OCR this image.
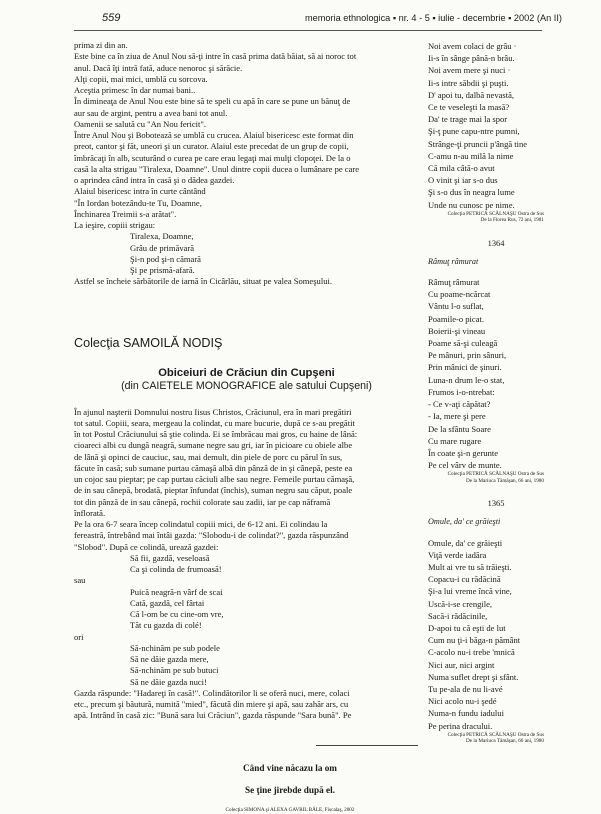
559	memoria ethnologica ▪ nr. 4 - 5 ▪ iulie - decembrie ▪ 2002 (An II)

prima zi din an.

Este bine ca în ziua de Anul Nou să-ţi intre în casă prima dată băiat, să ai noroc tot

anul. Dacă îţi intră fată, aduce nenoroc şi sărăcie.

Alţi copii, mai mici, umblă cu sorcova.

Aceştia primesc în dar numai bani..

În dimineaţa de Anul Nou este bine să te speli cu apă în care se pune un bănuţ de

aur sau de argint, pentru a avea bani tot anul.

Oamenii se salută cu "An Nou fericit".

Între Anul Nou şi Bobotează se umblă cu crucea. Alaiul bisericesc este format din

preot, cantor şi făt, uneori şi un curator. Alaiul este precedat de un grup de copii,

îmbrăcaţi în alb, scuturând o curea pe care erau legaţi mai mulţi clopoţei. De la o

casă la alta strigau "Tiralexa, Doamne". Unul dintre copii ducea o lumânare pe care

o aprindea când intra în casă şi o dădea gazdei.

Alaiul bisericesc intra în curte cântând

"În Iordan botezându-te Tu, Doamne,

Închinarea Treimii s-a arătat".

La ieşire, copiii strigau:

Tiralexa, Doamne,

Grâu de primăvară

Şi-n pod şi-n cămară

Şi pe prismă-afară.

Astfel se încheie sărbătorile de iarnă în Cicârlău, situat pe valea Someşului.

Colecţia SAMOILĂ NODIŞ
Obiceiuri de Crăciun din Cupşeni
(din CAIETELE MONOGRAFICE ale satului Cupşeni)

În ajunul naşterii Domnului nostru Iisus Christos, Crăciunul, era în mari pregătiri

tot satul. Copiii, seara, mergeau la colindat, cu mare bucurie, după ce s-au pregătit

în tot Postul Crăciunului să ştie colinda. Ei se îmbrăcau mai gros, cu haine de lână:

cioareci albi cu dungă neagră, sumane negre sau gri, iar în picioare cu obiele albe

de lână şi opinci de cauciuc, sau, mai demult, din piele de porc cu părul în sus,

făcute în casă; sub sumane purtau cămaşă albă din pânză de in şi cânepă, peste ea

un cojoc sau pieptar; pe cap purtau căciuli albe sau negre. Femeile purtau cămaşă,

de in sau cânepă, brodată, pieptar înfundat (închis), suman negru sau căput, poale

tot din pânză de in sau cânepă, rochii colorate sau zadii, iar pe cap năframă

înflorată.

Pe la ora 6-7 seara încep colindatul copiii mici, de 6-12 ani. Ei colindau la

fereastră, întrebând mai întâi gazda: "Slobodu-i de colindat?", gazda răspunzând

"Slobod". După ce colindă, urează gazdei:

Să fii, gazdă, veseloasă

Ca şi colinda de frumoasă!

sau

Puică neagră-n vârf de scai

Cată, gazdă, cel fârtai

Că l-om be cu cine-om vre,

Tăt cu gazda di colé!

ori

Să-nchinăm pe sub podele

Să ne dăie gazda mere,

Să-nchinăm pe sub butuci

Să ne dăie gazda nuci!

Gazda răspunde: "Hadareţi în casă!". Colindătorilor li se oferă nuci, mere, colaci

etc., precum şi băutură, numită "mied", făcută din miere şi apă, sau zahăr ars, cu

apă. Intrând în casă zic: "Bună sara lui Crăciun", gazda răspunde "Sara bună". Pe

Noi avem colaci de grâu ·

Ii-s în sânge până-n brâu.

Noi avem mere şi nuci ·

Ii-s intre săbdii şi puşti.

D' apoi tu, dalbă nevastă,

Ce te veseleşti la masă?

Da' te trage mai la spor

Şi-ţ pune capu-ntre pumni,

Strânge-ţi pruncii p'ângă tine

C-amu n-au milă la nime

Că mila câtă-o avut

O vinit şi iar s-o dus

Şi s-o dus în neagra lume

Unde nu cunosc pe nime.

Colecţia PETRICĂ SCĂLNAŞU Ostra de Sus

De la Florea Rus, 72 ani, 1981

1364
Râmuţ râmurat

Râmuţ râmurat

Cu poame-ncărcat

Vântu l-o suflat,

Poamile-o picat.

Boierii-şi vineau

Poame să-şi culeagă

Pe mânuri, prin sânuri,

Prin mânici de şinuri.

Luna-n drum le-o stat,

Frumos i-o-ntrebat:

- Ce v-aţi căpătat?

- Ia, mere şi pere

De la sfântu Soare

Cu mare rugare

În coate şi-n gerunte

Pe cel vârv de munte.

Colecţia PETRICĂ SCĂLNAŞU Ostra de Sus

De la Mariuca Tămăşan, 66 ani, 1980

1365
Omule, da' ce grăieşti

Omule, da' ce grăieşti

Viţă verde iadăra

Mult ai vre tu să trăieşti.

Copacu-i cu rădăcină

Şi-a lui vreme încă vine,

Uscă-i-se crengile,

Sacă-i rădăcinile,

D-apoi tu că eşti de lut

Cum nu ţi-i băga-n pământ

C-acolo nu-i trebe 'mnică

Nici aur, nici argint

Numa suflet drept şi sfânt.

Tu pe-ala de nu li-avé

Nici acolo nu-i şedé

Numa-n fundu iadului

Pe perina dracului.

Colecţia PETRICĂ SCĂLNAŞU Ostra de Sus

De la Mariuca Tămăşan, 66 ani, 1980

Când vine năcazu la om

Se ţine jirebde după el.

Colecţia SIMONA şi ALEXA GAVRIL BĂLE, Fiscalaş, 2002
